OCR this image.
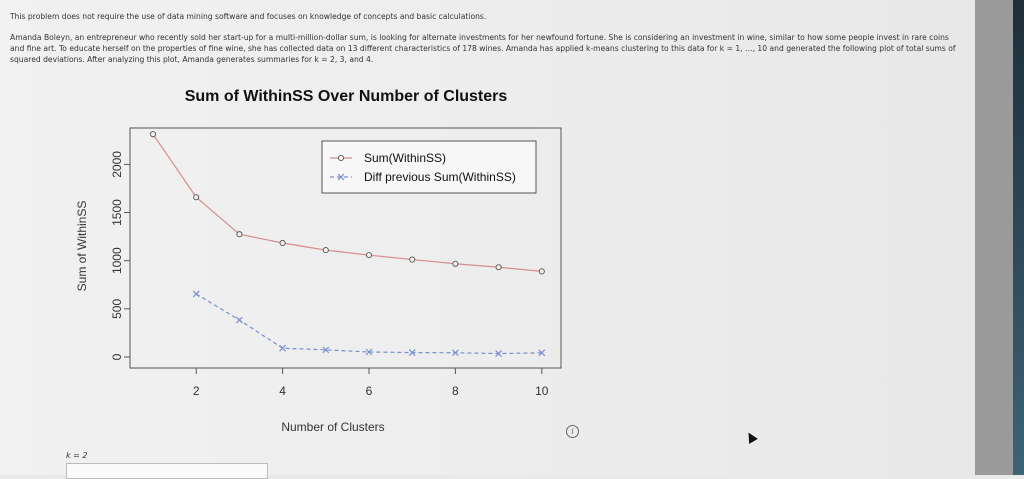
This problem does not require the use of data mining software and focuses on knowledge of concepts and basic calculations.

Amanda Boleyn, an entrepreneur who recently sold her start-up for a multi-million-dollar sum, is looking for alternate investments for her newfound fortune. She is considering an investment in wine, similar to how some people invest in rare coins and fine art. To educate herself on the properties of fine wine, she has collected data on 13 different characteristics of 178 wines. Amanda has applied k-means clustering to this data for k = 1, …, 10 and generated the following plot of total sums of squared deviations. After analyzing this plot, Amanda generates summaries for k = 2, 3, and 4.

Sum of WithinSS Over Number of Clusters
2	4	6	8	10
0
500
1000
1500
2000	Sum(WithinSS)
Diff previous Sum(WithinSS)
Number of Clusters
Sum of WithinSS
k = 2
i
